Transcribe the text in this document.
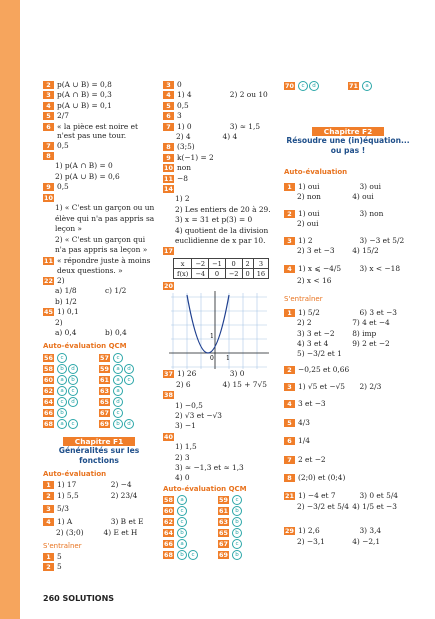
2 p(A ∪ B) = 0,8
3 p(A ∩ B) = 0,3
4 p(A ∪ B) = 0,1
5 2/7
6 « la pièce est noire et n'est pas une tour.
7 0,5
8
1) p(A ∩ B) = 0
2) p(A ∪ B) = 0,6
9 0,5
10
1) « C'est un garçon ou un élève qui n'a pas appris sa leçon »
2) « C'est un garçon qui n'a pas appris sa leçon »
11 « répondre juste à moins deux questions. »
22 2)
a) 1/8	c) 1/2
b) 1/2
45 1) 0,1
2)
a) 0,4	b) 0,4
Auto-évaluation QCM
56	c	57	c
58	b	d	59	a	d
60	a	b	61	a	c
62	a	c	63	a
64	c	d	65	d
66	b	67	c
68	a	c	69	b	d
Chapitre F1
Généralités sur les fonctions
Auto-évaluation
1 1) 17	2) −4
2 1) 5,5	2) 23/4
3 5/3
4 1) A	3) B et E
2) (3;0)	4) E et H
S'entraîner
1 5
2 5
3 0
4 1) 4	2) 2 ou 10
5 0,5
6 3
7 1) 0	3) ≈ 1,5
2) 4	4) 4
8 (3;5)
9 k(−1) = 2
10 non
11 −8
14
1) 2
2) Les entiers de 20 à 29.
3) x = 31 et p(3) = 0
4) quotient de la division euclidienne de x par 10.
17
x	−2	−1	0	2	3
f(x)	−4	0	−2	0	16
20
1
0 1
37 1) 26	3) 0
2) 6	4) 15 + 7√5
38
1) −0,5
2) √3 et −√3
3) −1
40
1) 1,5
2) 3
3) ≈ −1,3 et ≈ 1,3
4) 0
Auto-évaluation QCM
58	a	59	c
60	c	61	b
62	c	63	b
64	b	65	b
66	a	67	c
68	b	c	69	b
70	c d	71	a
Chapitre F2
Résoudre une (in)équation... ou pas !
Auto-évaluation
1 1) oui	3) oui
2) non	4) oui
2 1) oui	3) non
2) oui
3 1) 2	3) −3 et 5/2
2) 3 et −3	4) 15/2
4 1) x ⩽ −4/5	3) x < −18
2) x < 16
S'entraîner
1 1) 5/2	6) 3 et −3
2) 2	7) 4 et −4
3) 3 et −2	8) imp
4) 3 et 4	9) 2 et −2
5) −3/2 et 1
2 −0,25 et 0,66
3 1) √5 et −√5	2) 2/3
4 3 et −3
5 4/3
6 1/4
7 2 et −2
8 (2;0) et (0;4)
21 1) −4 et 7	3) 0 et 5/4
2) −3/2 et 5/4 4) 1/5 et −3
29 1) 2,6	3) 3,4
2) −3,1	4) −2,1
260 SOLUTIONS
